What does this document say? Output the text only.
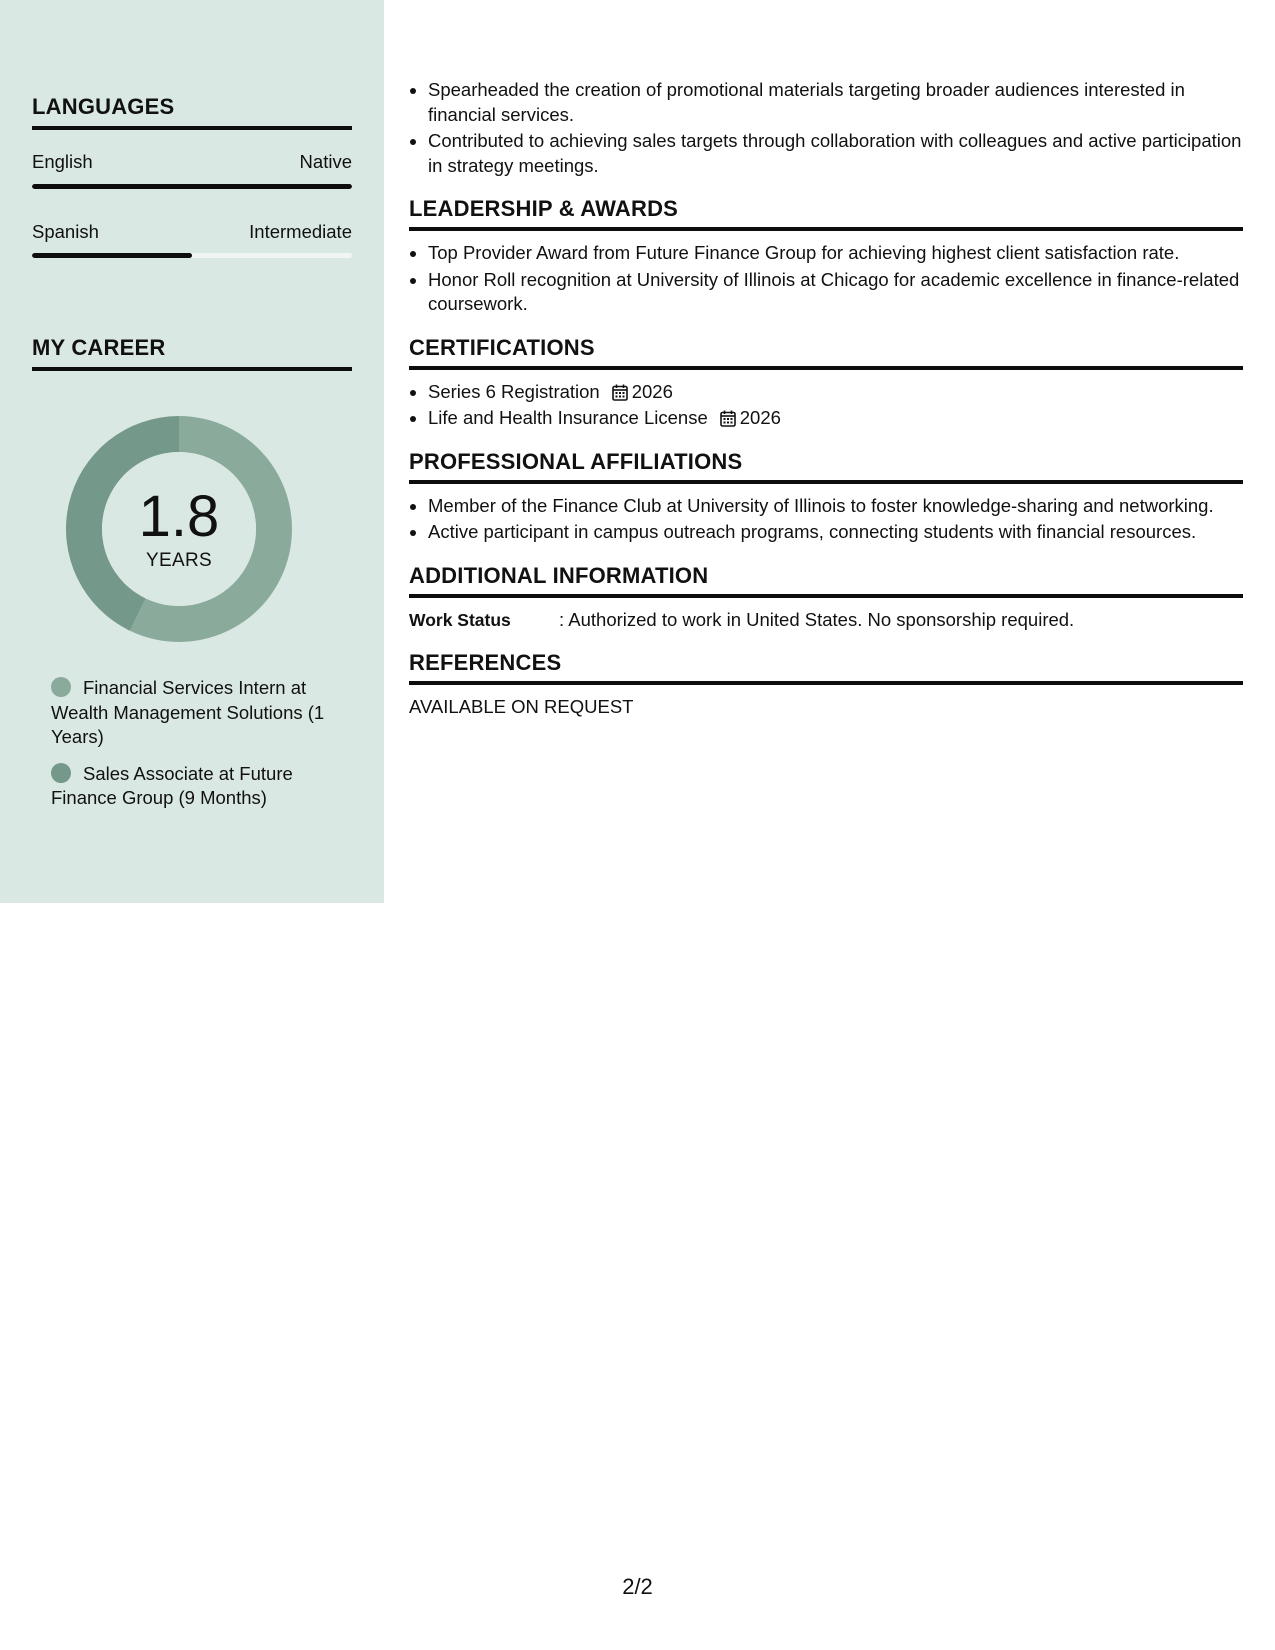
LANGUAGES
English	Native
Spanish	Intermediate
MY CAREER
1.8
YEARS
Financial Services Intern at Wealth Management Solutions (1 Years)
Sales Associate at Future Finance Group (9 Months)
• Spearheaded the creation of promotional materials targeting broader audiences interested in financial services.
• Contributed to achieving sales targets through collaboration with colleagues and active participation in strategy meetings.
LEADERSHIP & AWARDS
• Top Provider Award from Future Finance Group for achieving highest client satisfaction rate.
• Honor Roll recognition at University of Illinois at Chicago for academic excellence in finance-related coursework.
CERTIFICATIONS
• Series 6 Registration 2026
• Life and Health Insurance License 2026
PROFESSIONAL AFFILIATIONS
• Member of the Finance Club at University of Illinois to foster knowledge-sharing and networking.
• Active participant in campus outreach programs, connecting students with financial resources.
ADDITIONAL INFORMATION
Work Status	: Authorized to work in United States. No sponsorship required.
REFERENCES
AVAILABLE ON REQUEST
2/2
